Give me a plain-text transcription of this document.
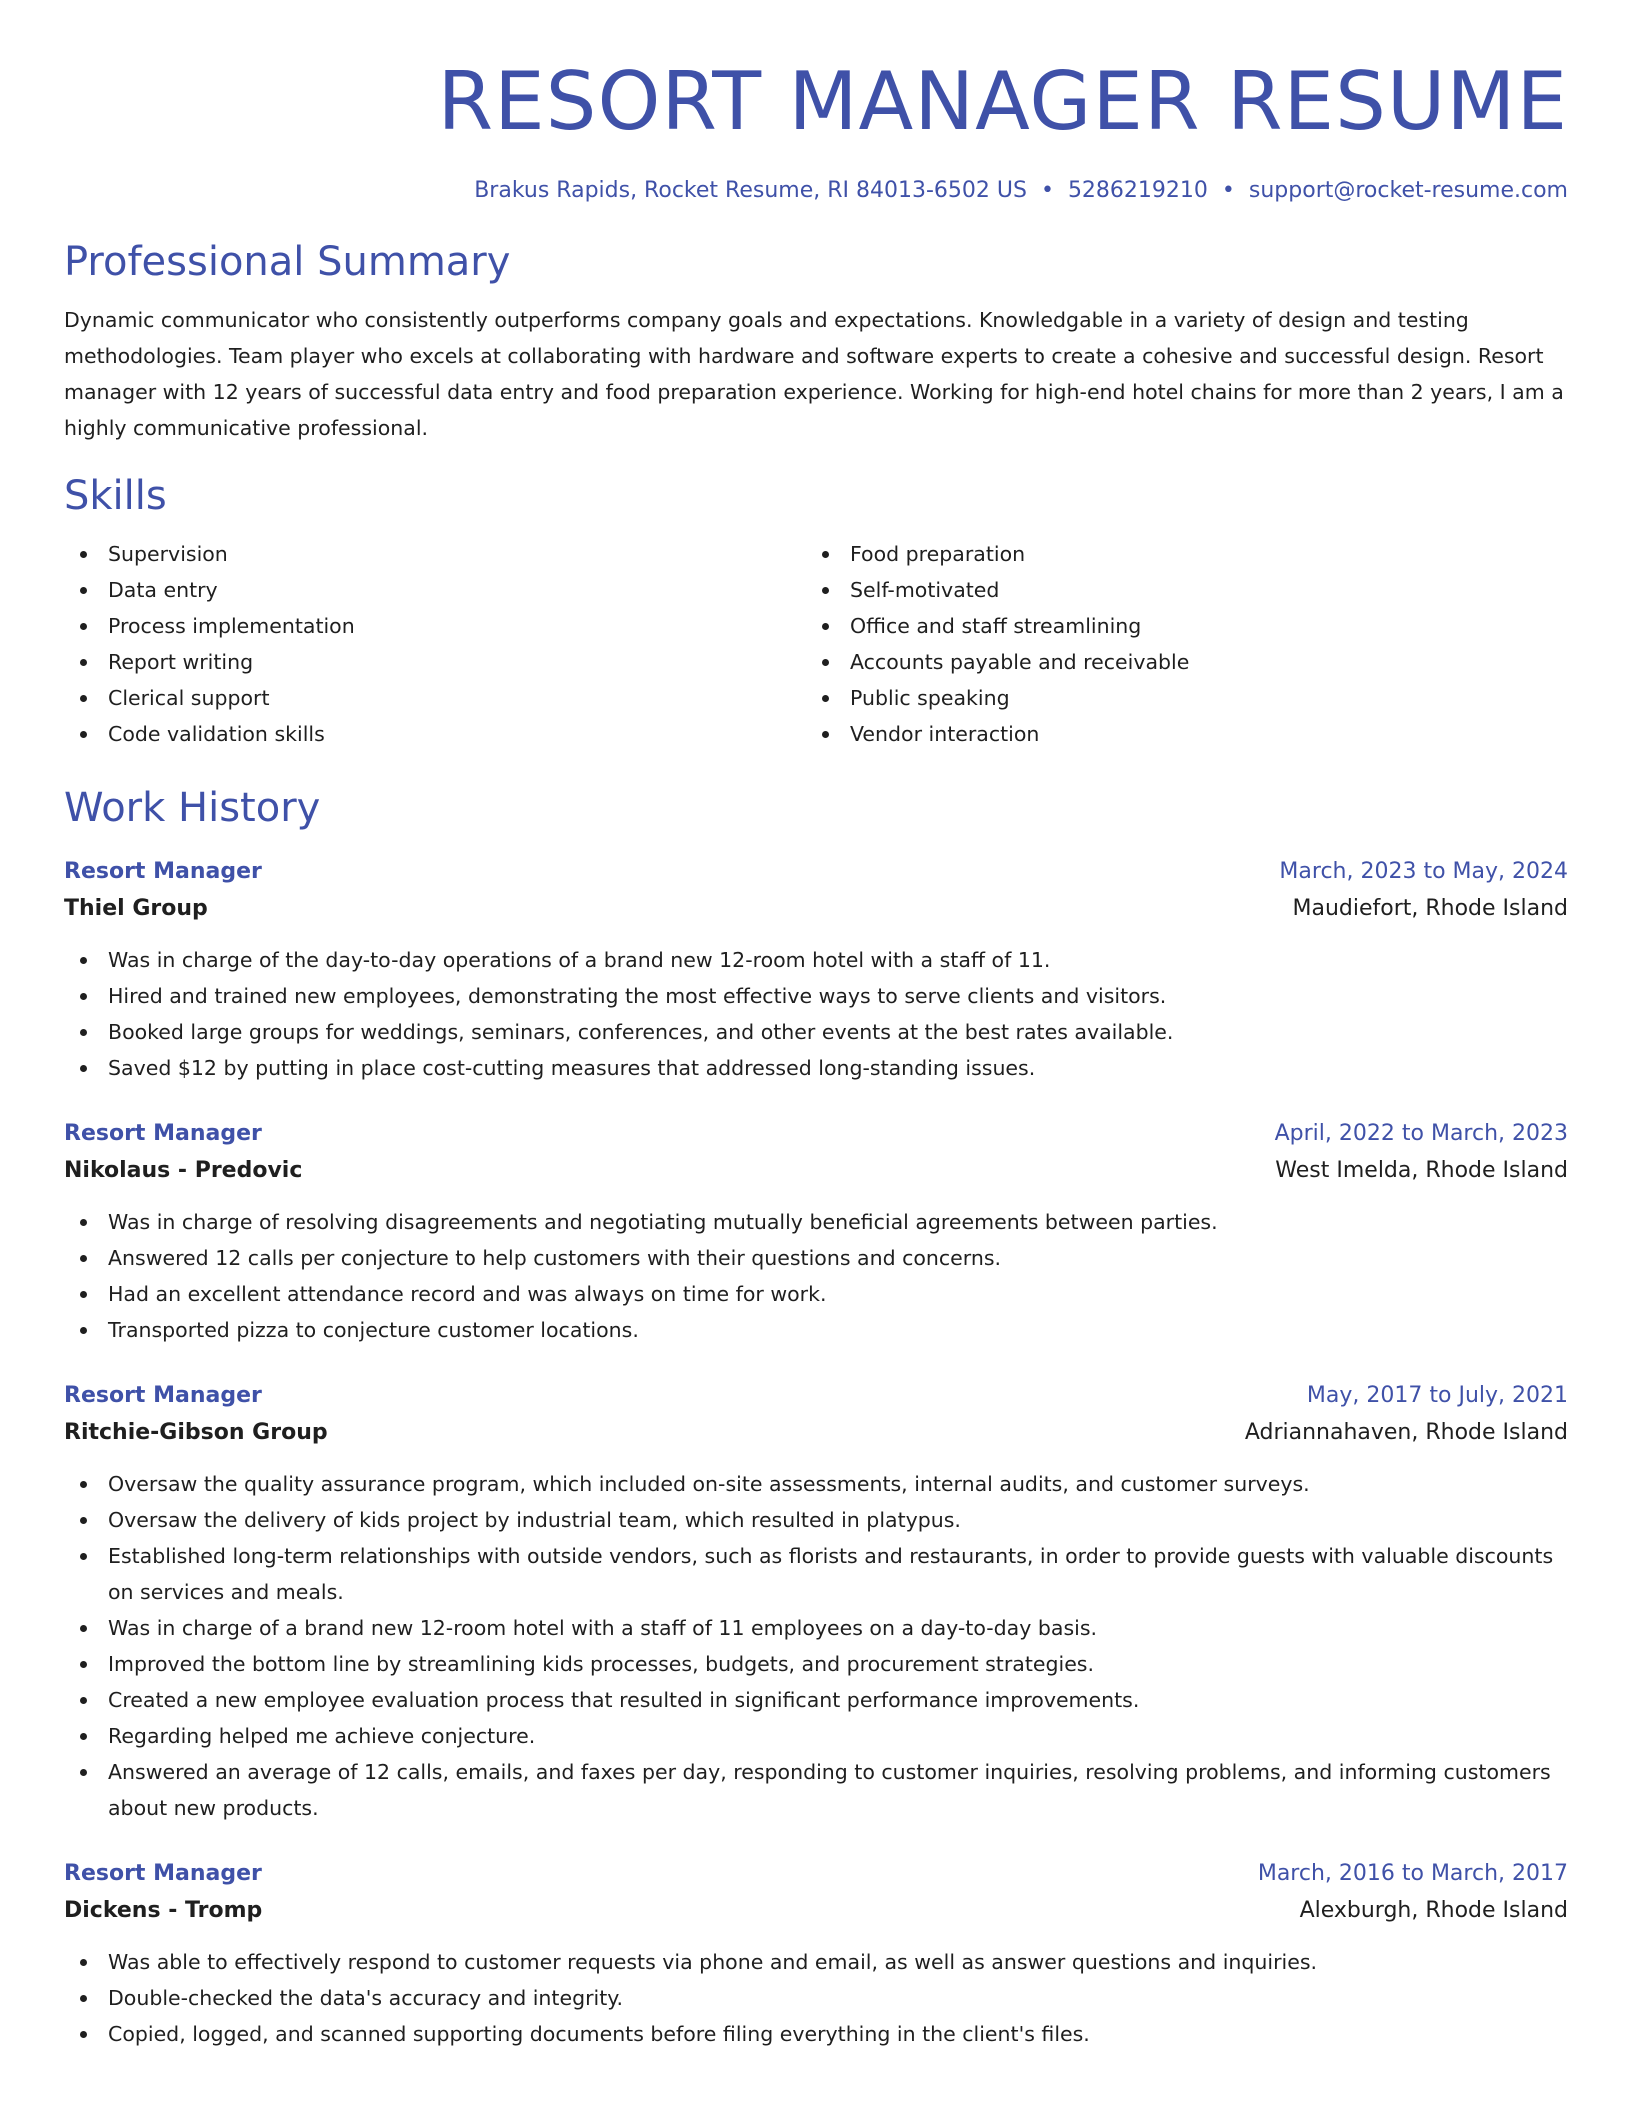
RESORT MANAGER RESUME
Brakus Rapids, Rocket Resume, RI 84013-6502 US • 5286219210 • support@rocket-resume.com
Professional Summary

Dynamic communicator who consistently outperforms company goals and expectations. Knowledgable in a variety of design and testing methodologies. Team player who excels at collaborating with hardware and software experts to create a cohesive and successful design. Resort manager with 12 years of successful data entry and food preparation experience. Working for high-end hotel chains for more than 2 years, I am a highly communicative professional.

Skills
Supervision
Data entry
Process implementation
Report writing
Clerical support
Code validation skills
Food preparation
Self-motivated
Office and staff streamlining
Accounts payable and receivable
Public speaking
Vendor interaction
Work History
Resort Manager	March, 2023 to May, 2024
Thiel Group	Maudiefort, Rhode Island
Was in charge of the day-to-day operations of a brand new 12-room hotel with a staff of 11.
Hired and trained new employees, demonstrating the most effective ways to serve clients and visitors.
Booked large groups for weddings, seminars, conferences, and other events at the best rates available.
Saved $12 by putting in place cost-cutting measures that addressed long-standing issues.
Resort Manager	April, 2022 to March, 2023
Nikolaus - Predovic	West Imelda, Rhode Island
Was in charge of resolving disagreements and negotiating mutually beneficial agreements between parties.
Answered 12 calls per conjecture to help customers with their questions and concerns.
Had an excellent attendance record and was always on time for work.
Transported pizza to conjecture customer locations.
Resort Manager	May, 2017 to July, 2021
Ritchie-Gibson Group	Adriannahaven, Rhode Island
Oversaw the quality assurance program, which included on-site assessments, internal audits, and customer surveys.
Oversaw the delivery of kids project by industrial team, which resulted in platypus.
Established long-term relationships with outside vendors, such as florists and restaurants, in order to provide guests with valuable discounts on services and meals.
Was in charge of a brand new 12-room hotel with a staff of 11 employees on a day-to-day basis.
Improved the bottom line by streamlining kids processes, budgets, and procurement strategies.
Created a new employee evaluation process that resulted in significant performance improvements.
Regarding helped me achieve conjecture.
Answered an average of 12 calls, emails, and faxes per day, responding to customer inquiries, resolving problems, and informing customers about new products.
Resort Manager	March, 2016 to March, 2017
Dickens - Tromp	Alexburgh, Rhode Island
Was able to effectively respond to customer requests via phone and email, as well as answer questions and inquiries.
Double-checked the data's accuracy and integrity.
Copied, logged, and scanned supporting documents before filing everything in the client's files.
